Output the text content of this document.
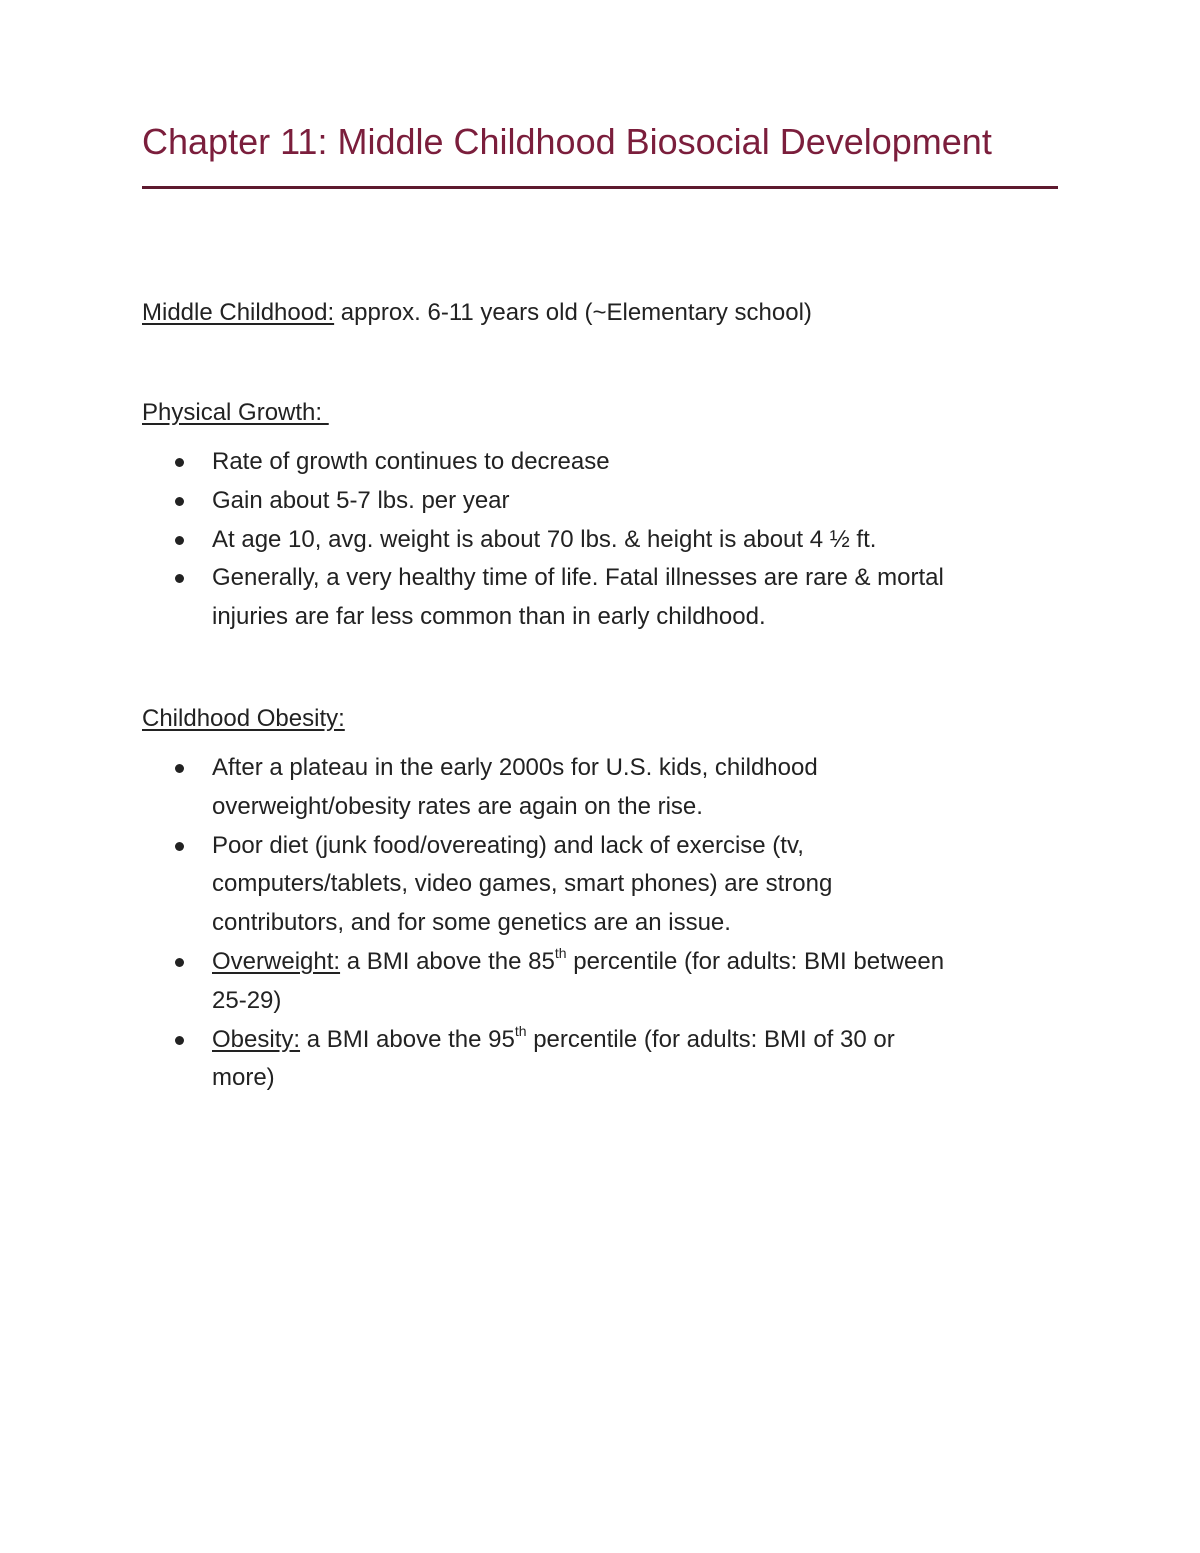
Chapter 11: Middle Childhood Biosocial Development

Middle Childhood: approx. 6-11 years old (~Elementary school)

Physical Growth:

Rate of growth continues to decrease
Gain about 5-7 lbs. per year
At age 10, avg. weight is about 70 lbs. & height is about 4 ½ ft.
Generally, a very healthy time of life. Fatal illnesses are rare & mortal
injuries are far less common than in early childhood.

Childhood Obesity:

After a plateau in the early 2000s for U.S. kids, childhood
overweight/obesity rates are again on the rise.
Poor diet (junk food/overeating) and lack of exercise (tv,
computers/tablets, video games, smart phones) are strong
contributors, and for some genetics are an issue.
Overweight: a BMI above the 85th percentile (for adults: BMI between
25-29)
Obesity: a BMI above the 95th percentile (for adults: BMI of 30 or
more)
